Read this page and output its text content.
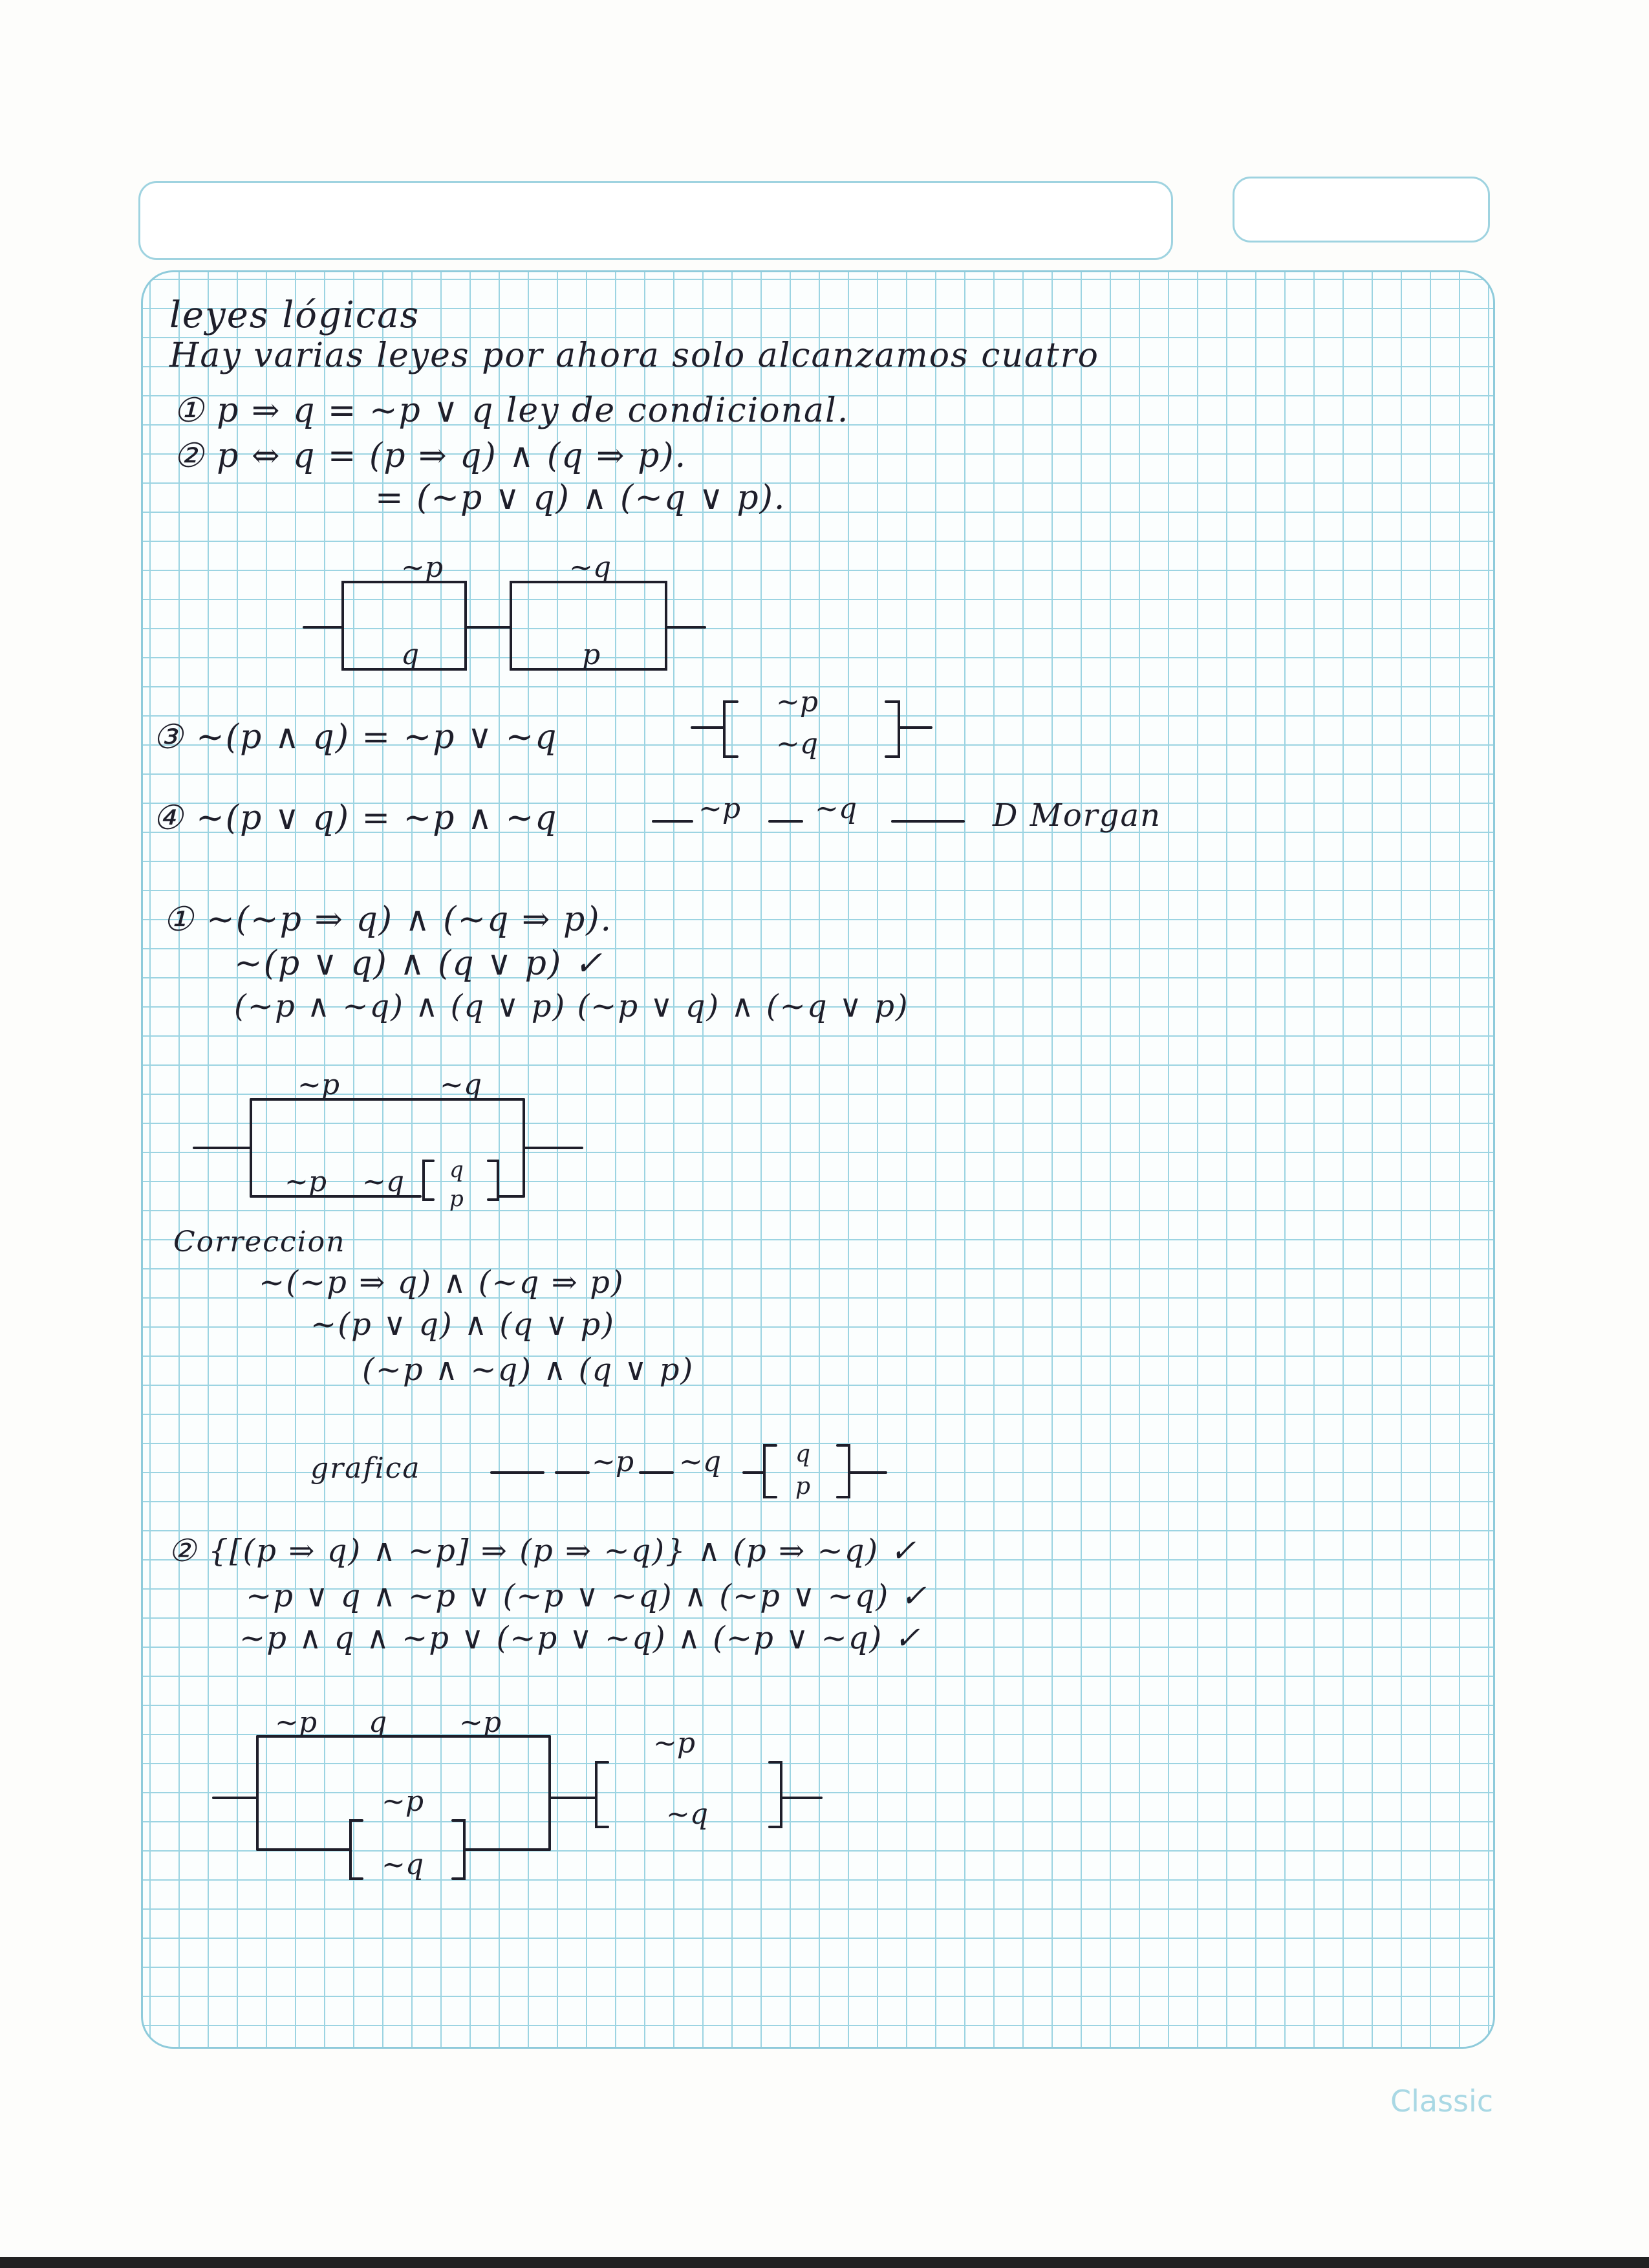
leyes lógicas
Hay varias leyes por ahora solo alcanzamos cuatro
① p ⇒ q = ~p ∨ q ley de condicional.
② p ⇔ q = (p ⇒ q) ∧ (q ⇒ p).
= (~p ∨ q) ∧ (~q ∨ p).
~p
q
~q
p
③ ~(p ∧ q) = ~p ∨ ~q
~p
~q
④ ~(p ∨ q) = ~p ∧ ~q	~p	~q	D Morgan
① ~(~p ⇒ q) ∧ (~q ⇒ p).
~(p ∨ q) ∧ (q ∨ p) ✓
(~p ∧ ~q) ∧ (q ∨ p) (~p ∨ q) ∧ (~q ∨ p)
~p	~q
~p ~q q
p
Correccion
~(~p ⇒ q) ∧ (~q ⇒ p)
~(p ∨ q) ∧ (q ∨ p)
(~p ∧ ~q) ∧ (q ∨ p)
grafica	~p ~q	q
p
② {[(p ⇒ q) ∧ ~p] ⇒ (p ⇒ ~q)} ∧ (p ⇒ ~q) ✓
~p ∨ q ∧ ~p ∨ (~p ∨ ~q) ∧ (~p ∨ ~q) ✓
~p ∧ q ∧ ~p ∨ (~p ∨ ~q) ∧ (~p ∨ ~q) ✓
~p q	~p
~p
~q
~p
~q
Classic
